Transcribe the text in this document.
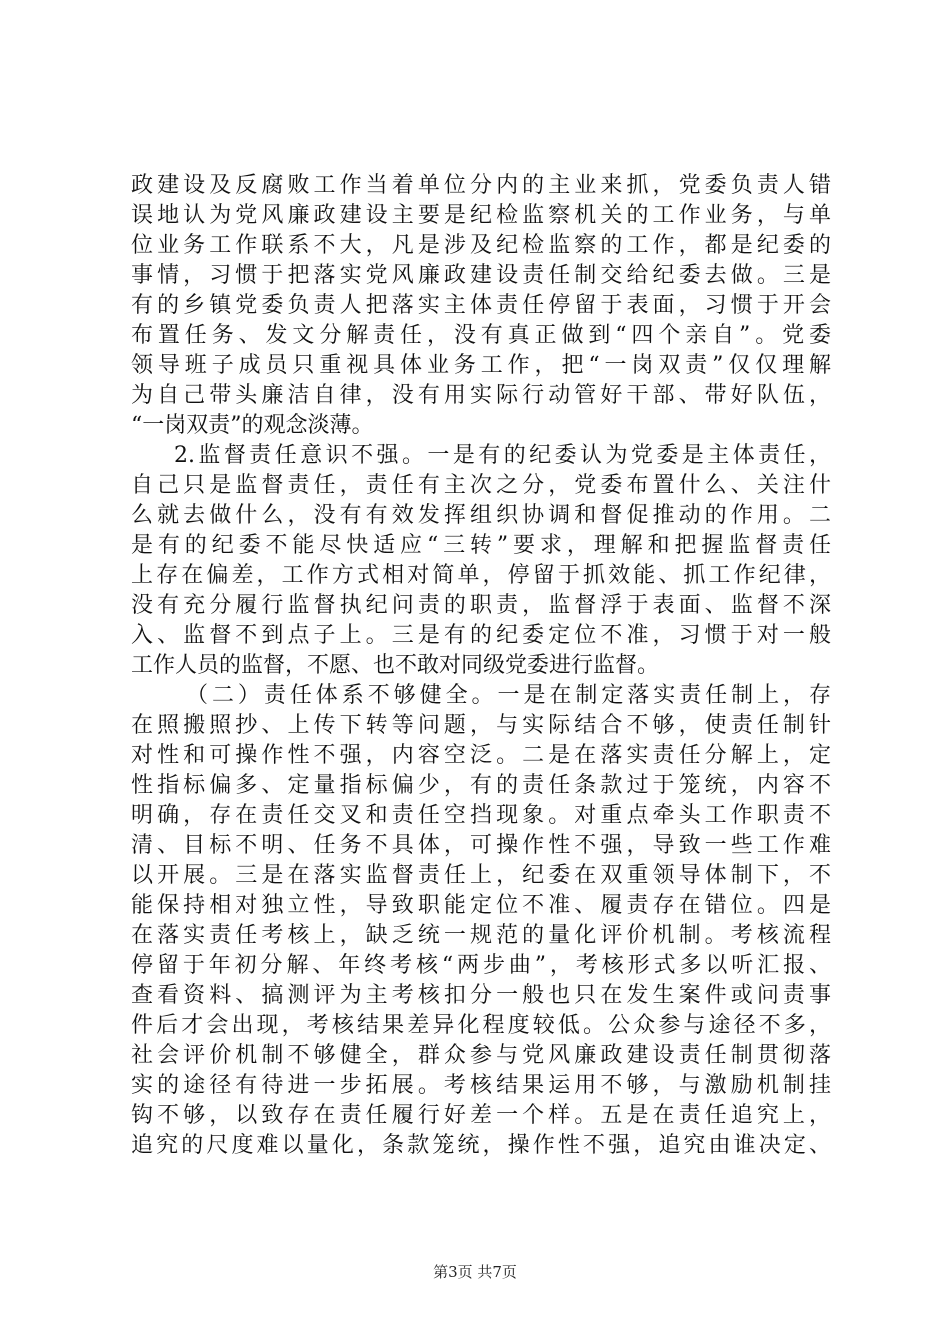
政建设及反腐败工作当着单位分内的主业来抓，党委负责人错
误地认为党风廉政建设主要是纪检监察机关的工作业务，与单
位业务工作联系不大，凡是涉及纪检监察的工作，都是纪委的
事情，习惯于把落实党风廉政建设责任制交给纪委去做。三是
有的乡镇党委负责人把落实主体责任停留于表面，习惯于开会
布置任务、发文分解责任，没有真正做到“四个亲自”。党委
领导班子成员只重视具体业务工作，把“一岗双责”仅仅理解
为自己带头廉洁自律，没有用实际行动管好干部、带好队伍，
“一岗双责”的观念淡薄。
2.监督责任意识不强。一是有的纪委认为党委是主体责任，
自己只是监督责任，责任有主次之分，党委布置什么、关注什
么就去做什么，没有有效发挥组织协调和督促推动的作用。二
是有的纪委不能尽快适应“三转”要求，理解和把握监督责任
上存在偏差，工作方式相对简单，停留于抓效能、抓工作纪律，
没有充分履行监督执纪问责的职责，监督浮于表面、监督不深
入、监督不到点子上。三是有的纪委定位不准，习惯于对一般
工作人员的监督，不愿、也不敢对同级党委进行监督。
（二）责任体系不够健全。一是在制定落实责任制上，存
在照搬照抄、上传下转等问题，与实际结合不够，使责任制针
对性和可操作性不强，内容空泛。二是在落实责任分解上，定
性指标偏多、定量指标偏少，有的责任条款过于笼统，内容不
明确，存在责任交叉和责任空挡现象。对重点牵头工作职责不
清、目标不明、任务不具体，可操作性不强，导致一些工作难
以开展。三是在落实监督责任上，纪委在双重领导体制下，不
能保持相对独立性，导致职能定位不准、履责存在错位。四是
在落实责任考核上，缺乏统一规范的量化评价机制。考核流程
停留于年初分解、年终考核“两步曲”，考核形式多以听汇报、
查看资料、搞测评为主考核扣分一般也只在发生案件或问责事
件后才会出现，考核结果差异化程度较低。公众参与途径不多，
社会评价机制不够健全，群众参与党风廉政建设责任制贯彻落
实的途径有待进一步拓展。考核结果运用不够，与激励机制挂
钩不够，以致存在责任履行好差一个样。五是在责任追究上，
追究的尺度难以量化，条款笼统，操作性不强，追究由谁决定、
第3页 共7页
